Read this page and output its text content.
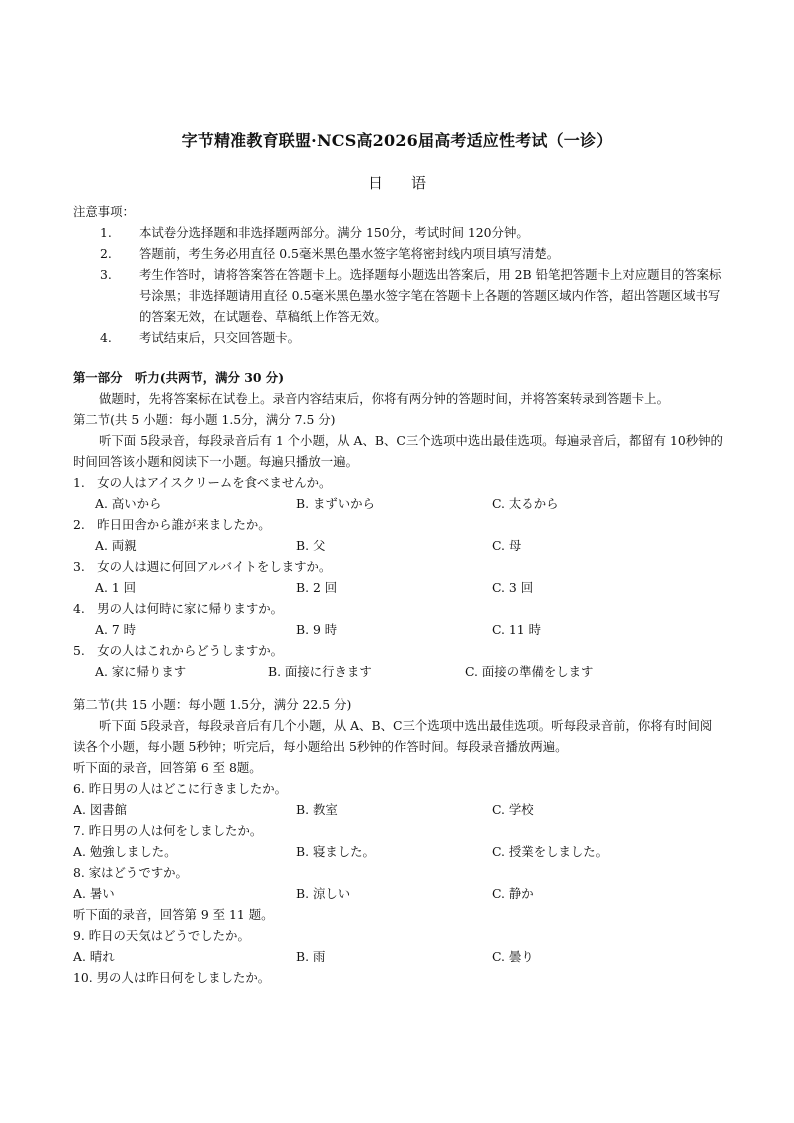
字节精准教育联盟·NCS高2026届高考适应性考试（一诊）
日语
注意事项：
1.	本试卷分选择题和非选择题两部分。满分 150分，考试时间 120分钟。
2.	答题前，考生务必用直径 0.5毫米黑色墨水签字笔将密封线内项目填写清楚。
3.	考生作答时，请将答案答在答题卡上。选择题每小题选出答案后，用 2B 铅笔把答题卡上对应题目的答案标号涂黑；非选择题请用直径 0.5毫米黑色墨水签字笔在答题卡上各题的答题区域内作答，超出答题区域书写的答案无效，在试题卷、草稿纸上作答无效。
4.	考试结束后，只交回答题卡。
第一部分　听力(共两节，满分 30 分)
做题时，先将答案标在试卷上。录音内容结束后，你将有两分钟的答题时间，并将答案转录到答题卡上。
第二节(共 5 小题：每小题 1.5分，满分 7.5 分)
听下面 5段录音，每段录音后有 1 个小题，从 A、B、C三个选项中选出最佳选项。每遍录音后，都留有 10秒钟的时间回答该小题和阅读下一小题。每遍只播放一遍。
1.　女の人はアイスクリームを食べませんか。
A. 高いから	B. まずいから	C. 太るから
2.　昨日田舎から誰が来ましたか。
A. 両親	B. 父	C. 母
3.　女の人は週に何回アルバイトをしますか。
A. 1 回	B. 2 回	C. 3 回
4.　男の人は何時に家に帰りますか。
A. 7 時	B. 9 時	C. 11 時
5.　女の人はこれからどうしますか。
A. 家に帰ります	B. 面接に行きます	C. 面接の準備をします
第二节(共 15 小题：每小题 1.5分，满分 22.5 分)
听下面 5段录音，每段录音后有几个小题，从 A、B、C三个选项中选出最佳选项。听每段录音前，你将有时间阅读各个小题，每小题 5秒钟；听完后，每小题给出 5秒钟的作答时间。每段录音播放两遍。
听下面的录音，回答第 6 至 8题。
6. 昨日男の人はどこに行きましたか。
A. 図書館	B. 教室	C. 学校
7. 昨日男の人は何をしましたか。
A. 勉強しました。	B. 寝ました。	C. 授業をしました。
8. 家はどうですか。
A. 暑い	B. 涼しい	C. 静か
听下面的录音，回答第 9 至 11 题。
9. 昨日の天気はどうでしたか。
A. 晴れ	B. 雨	C. 曇り
10. 男の人は昨日何をしましたか。
